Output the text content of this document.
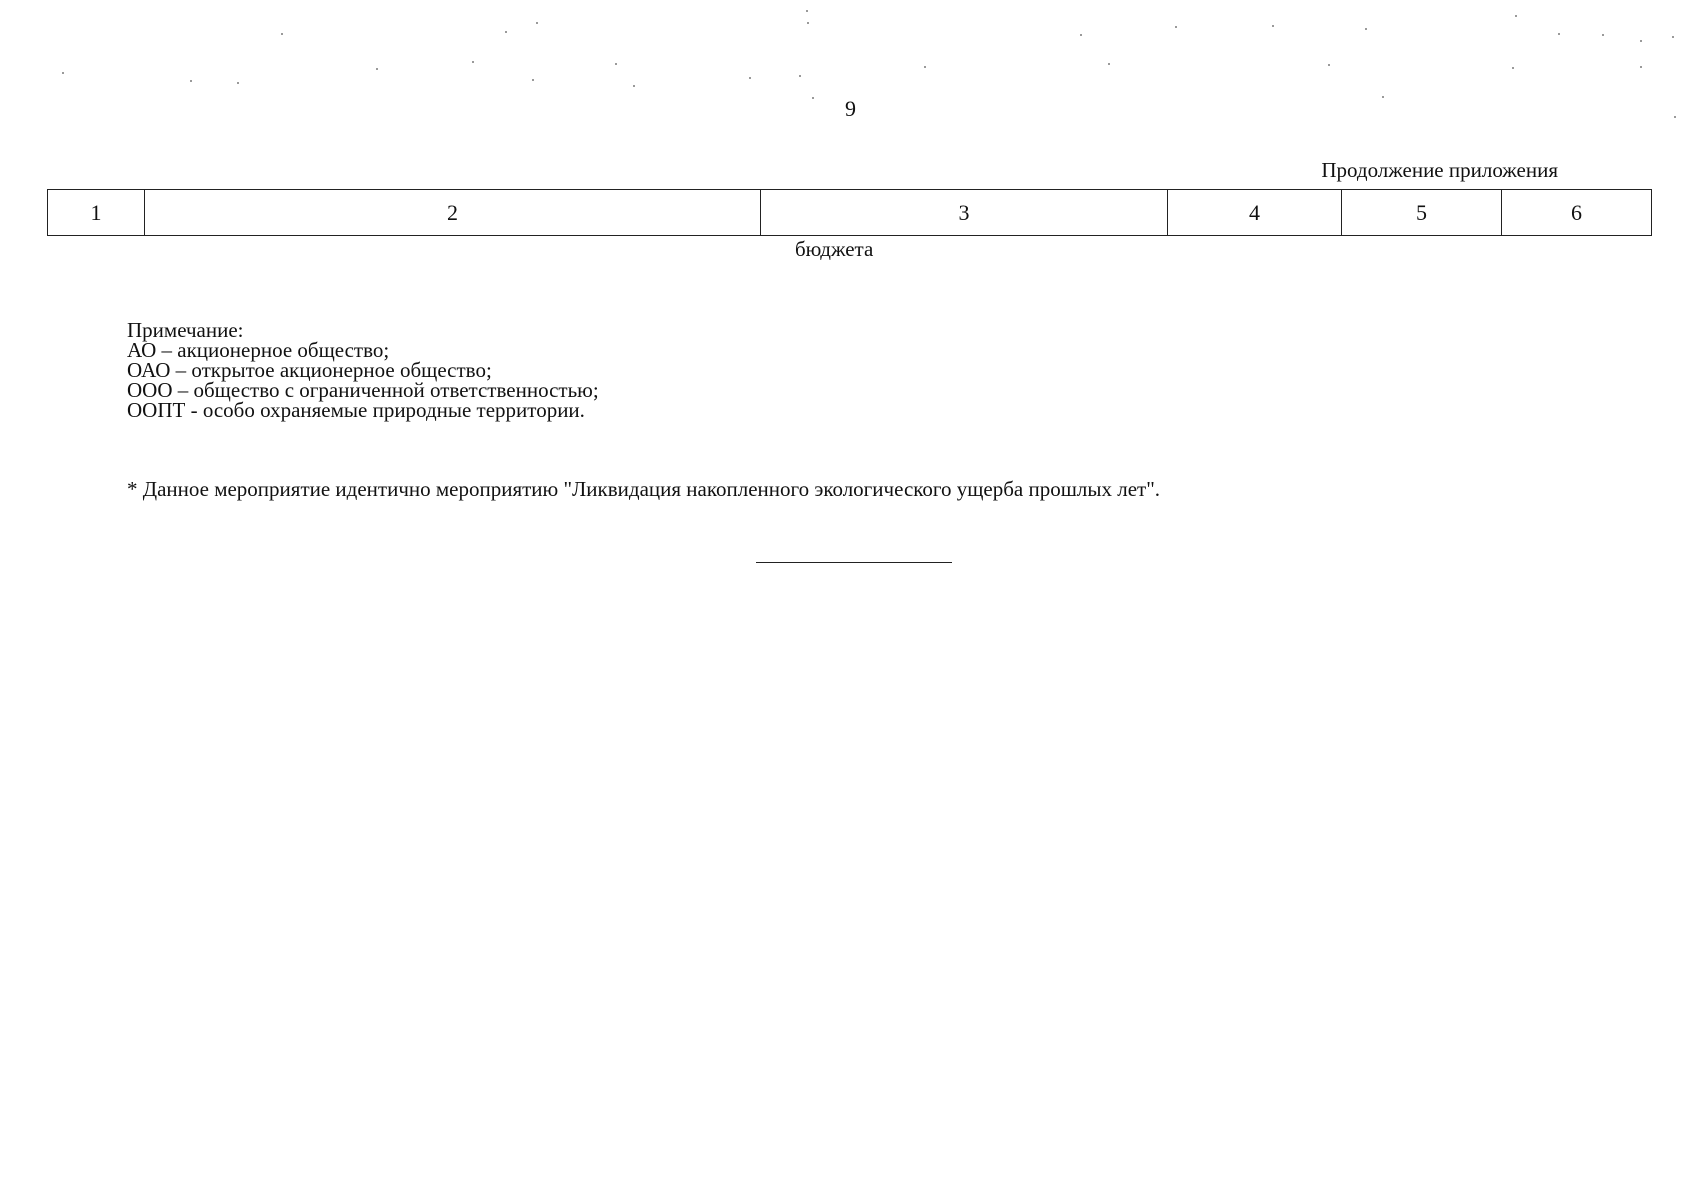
9
Продолжение приложения
1	2	3	4	5	6
бюджета
Примечание:
АО – акционерное общество;
ОАО – открытое акционерное общество;
ООО – общество с ограниченной ответственностью;
ООПТ - особо охраняемые природные территории.
* Данное мероприятие идентично мероприятию "Ликвидация накопленного экологического ущерба прошлых лет".
